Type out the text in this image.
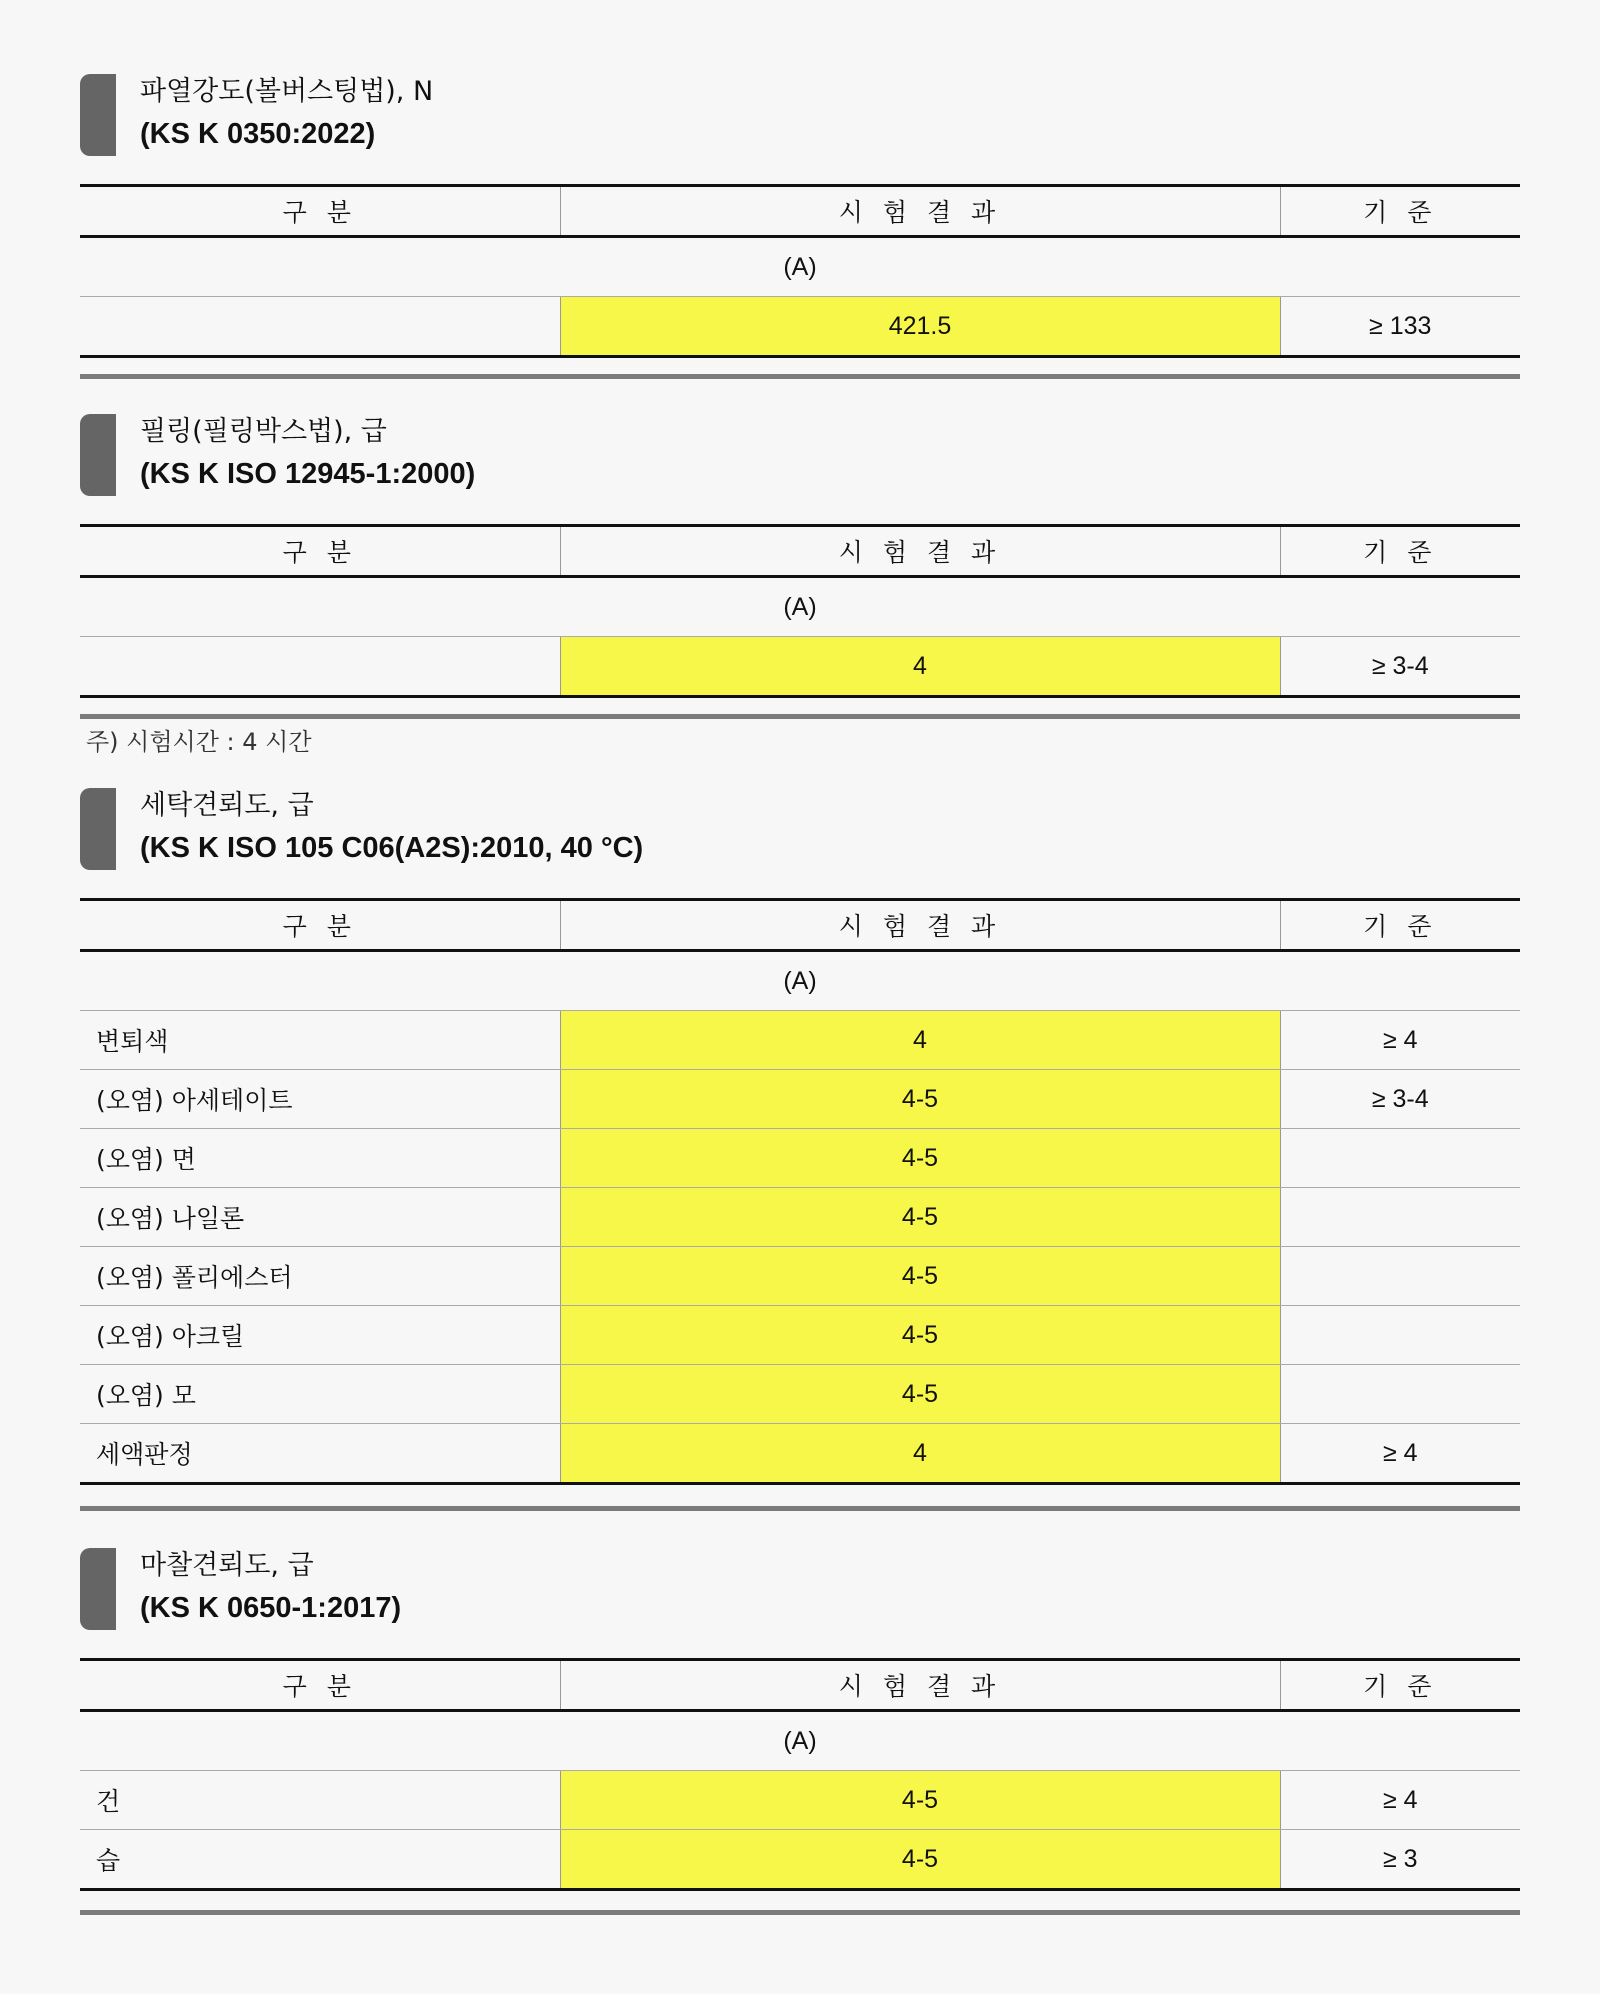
파열강도(볼버스팅법), N
(KS K 0350:2022)
구 분	시 험 결 과	기 준
(A)		
	421.5	≥ 133
필링(필링박스법), 급
(KS K ISO 12945-1:2000)
구 분	시 험 결 과	기 준
(A)		
	4	≥ 3-4
주) 시험시간 : 4 시간
세탁견뢰도, 급
(KS K ISO 105 C06(A2S):2010, 40 °C)
구 분	시 험 결 과	기 준
(A)		
변퇴색	4	≥ 4
(오염) 아세테이트	4-5	≥ 3-4
(오염) 면	4-5	
(오염) 나일론	4-5	
(오염) 폴리에스터	4-5	
(오염) 아크릴	4-5	
(오염) 모	4-5	
세액판정	4	≥ 4
마찰견뢰도, 급
(KS K 0650-1:2017)
구 분	시 험 결 과	기 준
(A)		
건	4-5	≥ 4
습	4-5	≥ 3
